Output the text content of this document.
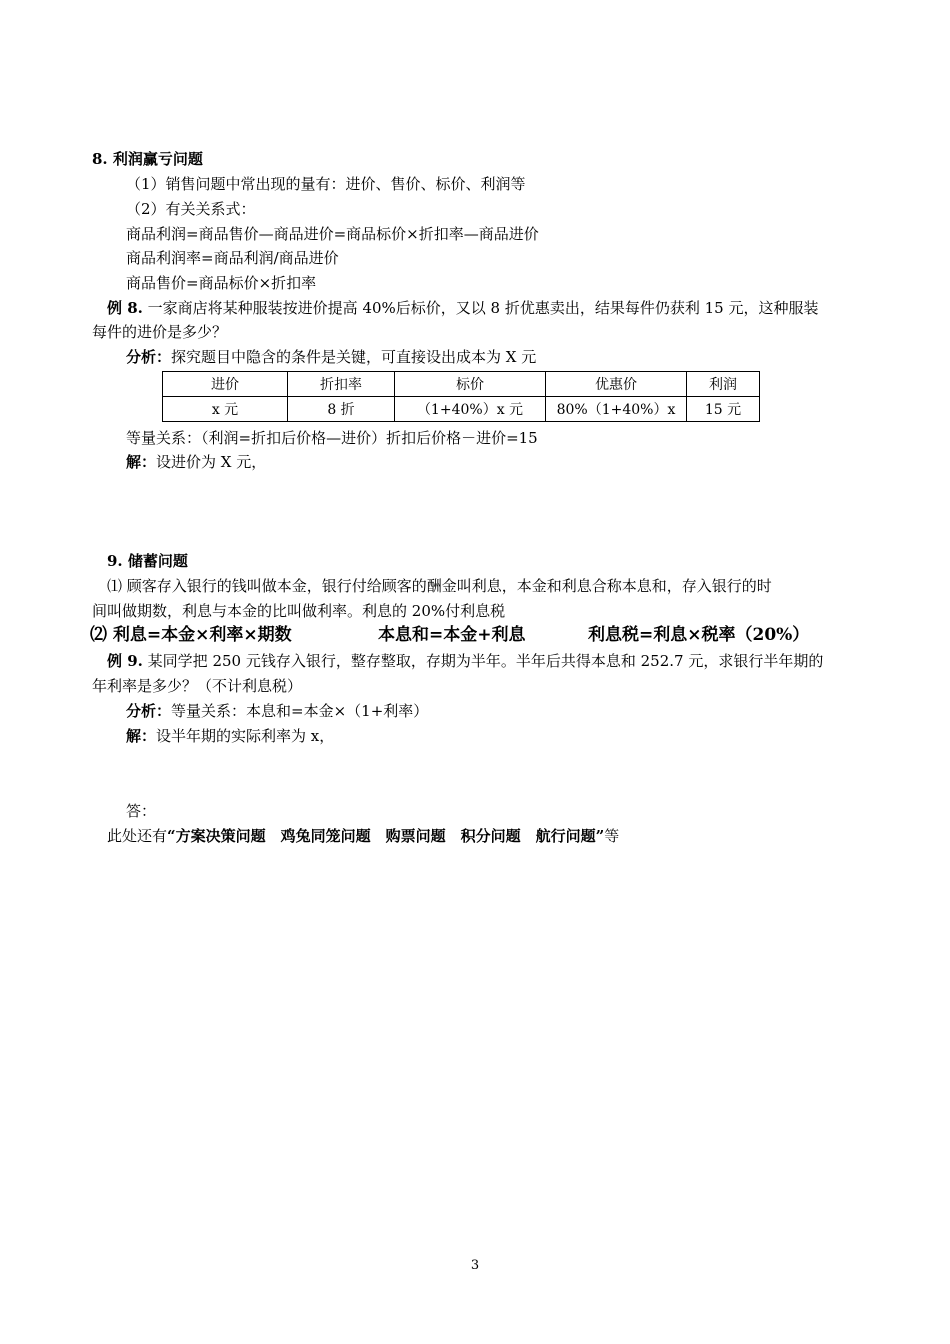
8. 利润赢亏问题
（1）销售问题中常出现的量有：进价、售价、标价、利润等
（2）有关关系式：
商品利润=商品售价—商品进价=商品标价×折扣率—商品进价
商品利润率=商品利润/商品进价
商品售价=商品标价×折扣率
例 8. 一家商店将某种服装按进价提高 40%后标价，又以 8 折优惠卖出，结果每件仍获利 15 元，这种服装
每件的进价是多少？
分析：探究题目中隐含的条件是关键，可直接设出成本为 X 元
进价	折扣率	标价	优惠价	利润
x 元	8 折	（1+40%）x 元	80%（1+40%）x	15 元
等量关系：（利润=折扣后价格—进价）折扣后价格－进价=15
解：设进价为 X 元，
9. 储蓄问题
⑴ 顾客存入银行的钱叫做本金，银行付给顾客的酬金叫利息，本金和利息合称本息和，存入银行的时
间叫做期数，利息与本金的比叫做利率。利息的 20%付利息税
⑵ 利息=本金×利率×期数	本息和=本金+利息	利息税=利息×税率（20%）
例 9. 某同学把 250 元钱存入银行，整存整取，存期为半年。半年后共得本息和 252.7 元，求银行半年期的
年利率是多少？（不计利息税）
分析：等量关系：本息和=本金×（1+利率）
解：设半年期的实际利率为 x，
答：
此处还有“方案决策问题　鸡兔同笼问题　购票问题　积分问题　航行问题”等
3
